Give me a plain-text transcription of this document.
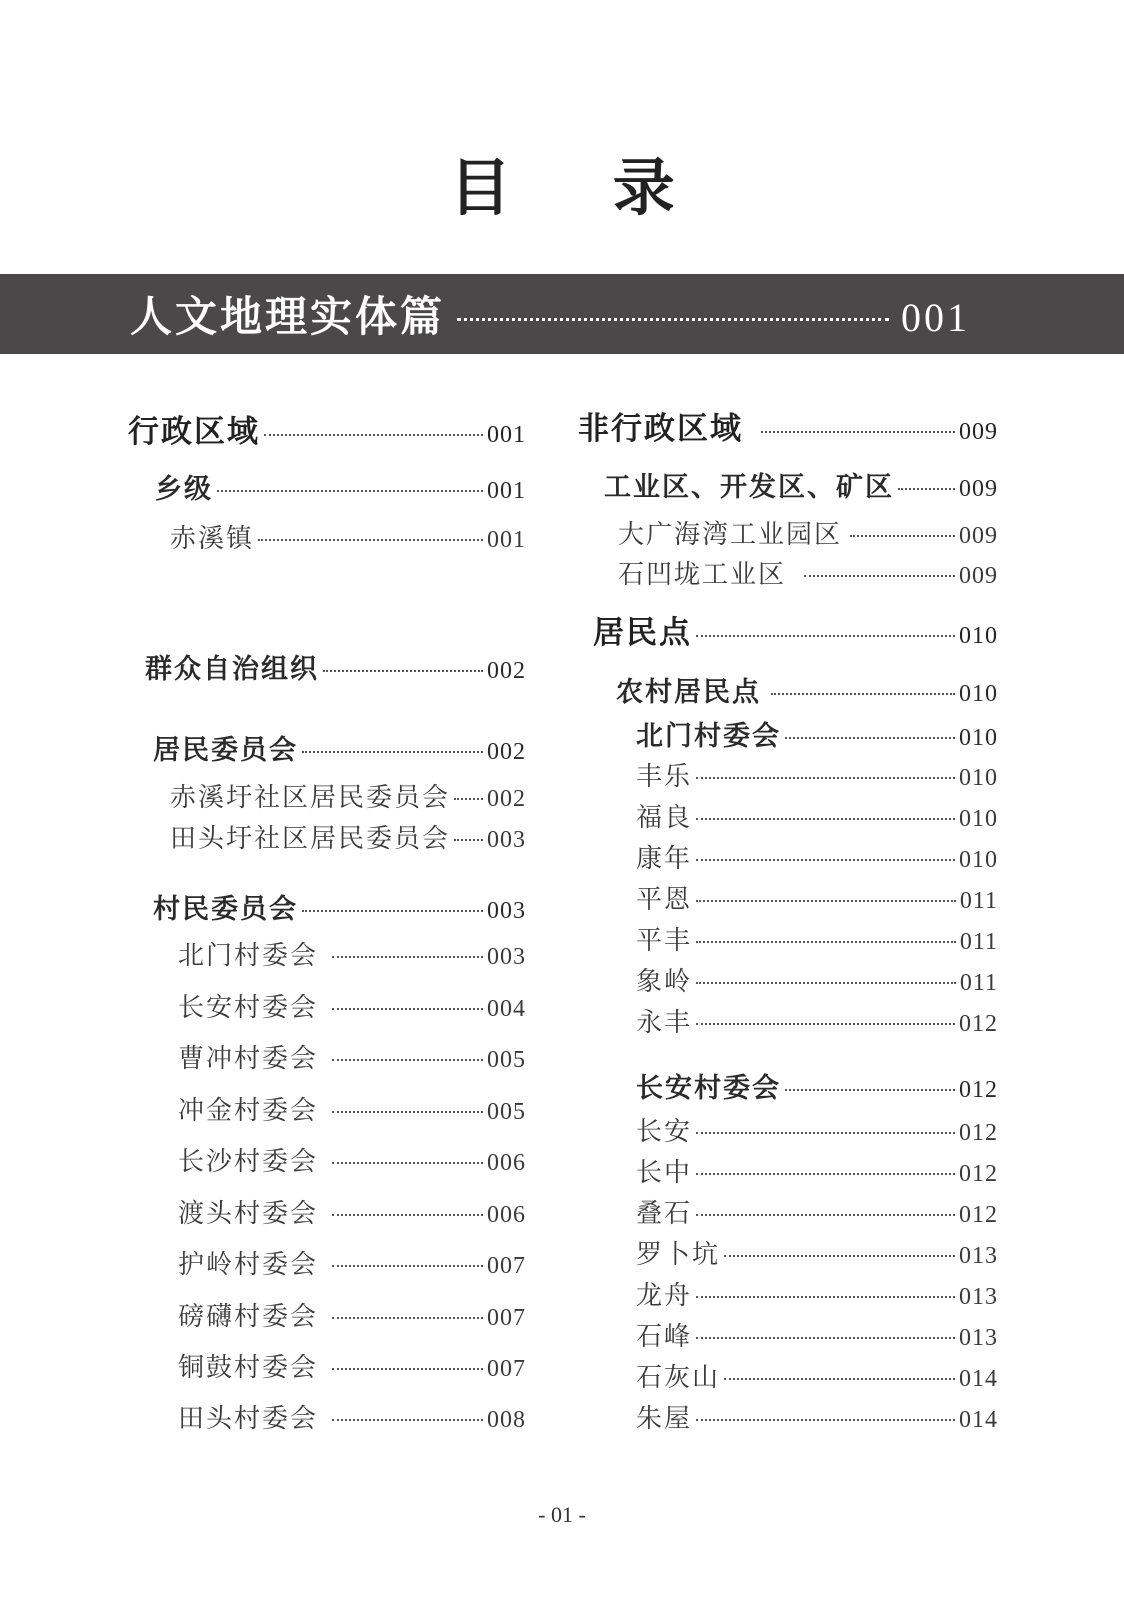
目 录
人文地理实体篇	001
行政区域	001
乡级	001
赤溪镇	001
群众自治组织	002
居民委员会	002
赤溪圩社区居民委员会 002
田头圩社区居民委员会 003
村民委员会	003
北门村委会	003
长安村委会	004
曹冲村委会	005
冲金村委会	005
长沙村委会	006
渡头村委会	006
护岭村委会	007
磅礴村委会	007
铜鼓村委会	007
田头村委会	008
非行政区域	009
工业区、开发区、矿区	009
大广海湾工业园区	009
石凹垅工业区	009
居民点	010
农村居民点	010
北门村委会	010
丰乐	010
福良	010
康年	010
平恩	011
平丰	011
象岭	011
永丰	012
长安村委会	012
长安	012
长中	012
叠石	012
罗卜坑	013
龙舟	013
石峰	013
石灰山	014
朱屋	014
- 01 -
